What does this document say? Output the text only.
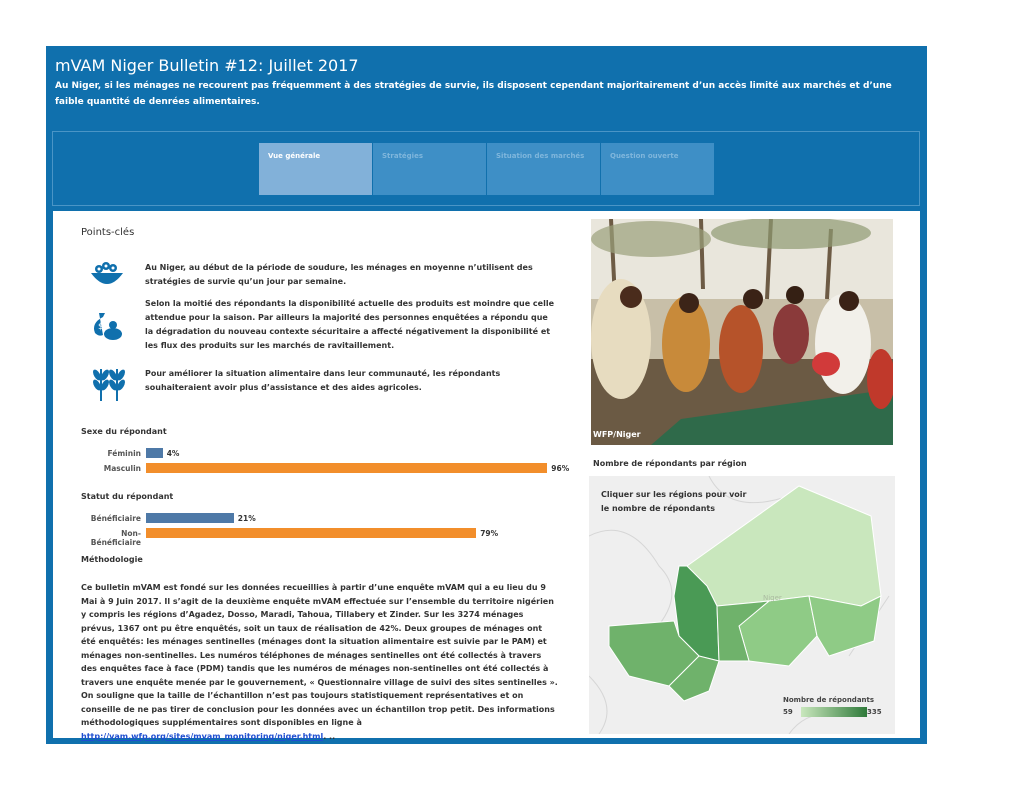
mVAM Niger Bulletin #12: Juillet 2017
Au Niger, si les ménages ne recourent pas fréquemment à des stratégies de survie, ils disposent cependant majoritairement d’un accès limité aux marchés et d’une faible quantité de denrées alimentaires.
Vue générale	Stratégies	Situation des marchés	Question ouverte
Points-clés
Au Niger, au début de la période de soudure, les ménages en moyenne n’utilisent des stratégies de survie qu’un jour par semaine.
$
Selon la moitié des répondants la disponibilité actuelle des produits est moindre que celle attendue pour la saison. Par ailleurs la majorité des personnes enquêtées a répondu que la dégradation du nouveau contexte sécuritaire a affecté négativement la disponibilité et les flux des produits sur les marchés de ravitaillement.
Pour améliorer la situation alimentaire dans leur communauté, les répondants souhaiteraient avoir plus d’assistance et des aides agricoles.
Sexe du répondant
Féminin	4%
Masculin	96%
Statut du répondant
Bénéficiaire	21%
Non-Bénéficiaire
79%
Méthodologie
Ce bulletin mVAM est fondé sur les données recueillies à partir d’une enquête mVAM qui a eu lieu du 9 Mai à 9 Juin 2017. Il s’agit de la deuxième enquête mVAM effectuée sur l’ensemble du territoire nigérien y compris les régions d’Agadez, Dosso, Maradi, Tahoua, Tillabery et Zinder. Sur les 3274 ménages prévus, 1367 ont pu être enquêtés, soit un taux de réalisation de 42%. Deux groupes de ménages ont été enquêtés: les ménages sentinelles (ménages dont la situation alimentaire est suivie par le PAM) et ménages non-sentinelles. Les numéros téléphones de ménages sentinelles ont été collectés à travers des enquêtes face à face (PDM) tandis que les numéros de ménages non-sentinelles ont été collectés à travers une enquête menée par le gouvernement, « Questionnaire village de suivi des sites sentinelles ». On souligne que la taille de l’échantillon n’est pas toujours statistiquement représentatives et on conseille de ne pas tirer de conclusion pour les données avec un échantillon trop petit. Des informations méthodologiques supplémentaires sont disponibles en ligne à http://vam.wfp.org/sites/mvam_monitoring/niger.html. ..
WFP/Niger
Nombre de répondants par région
Cliquer sur les régions pour voir le nombre de répondants
Niger
Nombre de répondants
59	335
